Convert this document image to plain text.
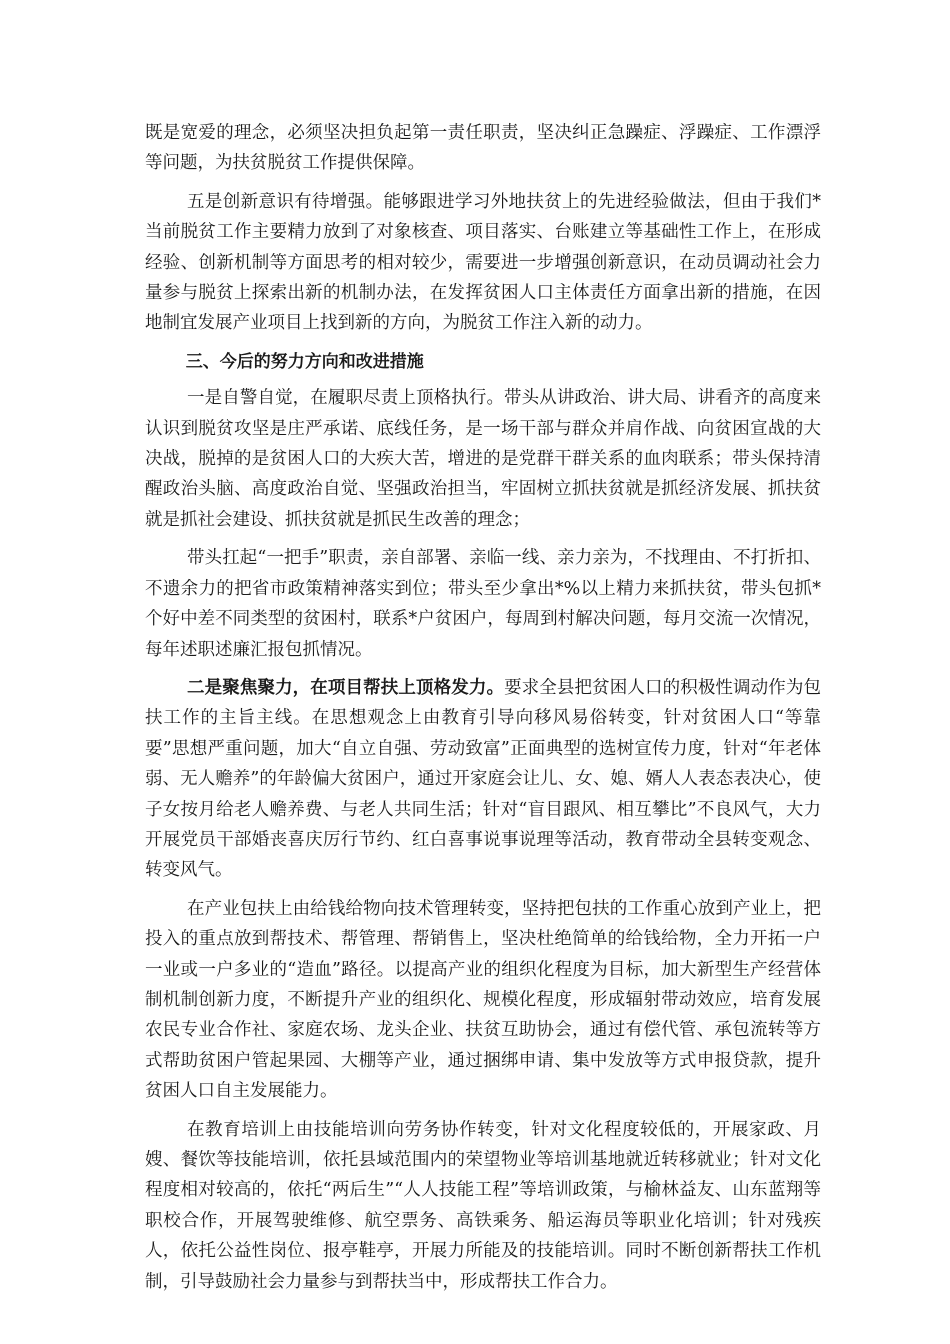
既是宽爱的理念，必须坚决担负起第一责任职责，坚决纠正急躁症、浮躁症、工作漂浮等问题，为扶贫脱贫工作提供保障。

五是创新意识有待增强。能够跟进学习外地扶贫上的先进经验做法，但由于我们*当前脱贫工作主要精力放到了对象核查、项目落实、台账建立等基础性工作上，在形成经验、创新机制等方面思考的相对较少，需要进一步增强创新意识，在动员调动社会力量参与脱贫上探索出新的机制办法，在发挥贫困人口主体责任方面拿出新的措施，在因地制宜发展产业项目上找到新的方向，为脱贫工作注入新的动力。

三、今后的努力方向和改进措施

一是自警自觉，在履职尽责上顶格执行。带头从讲政治、讲大局、讲看齐的高度来认识到脱贫攻坚是庄严承诺、底线任务，是一场干部与群众并肩作战、向贫困宣战的大决战，脱掉的是贫困人口的大疾大苦，增进的是党群干群关系的血肉联系；带头保持清醒政治头脑、高度政治自觉、坚强政治担当，牢固树立抓扶贫就是抓经济发展、抓扶贫就是抓社会建设、抓扶贫就是抓民生改善的理念；

带头扛起“一把手”职责，亲自部署、亲临一线、亲力亲为，不找理由、不打折扣、不遗余力的把省市政策精神落实到位；带头至少拿出*%以上精力来抓扶贫，带头包抓*个好中差不同类型的贫困村，联系*户贫困户，每周到村解决问题，每月交流一次情况，每年述职述廉汇报包抓情况。

二是聚焦聚力，在项目帮扶上顶格发力。要求全县把贫困人口的积极性调动作为包扶工作的主旨主线。在思想观念上由教育引导向移风易俗转变，针对贫困人口“等靠要”思想严重问题，加大“自立自强、劳动致富”正面典型的选树宣传力度，针对“年老体弱、无人赡养”的年龄偏大贫困户，通过开家庭会让儿、女、媳、婿人人表态表决心，使子女按月给老人赡养费、与老人共同生活；针对“盲目跟风、相互攀比”不良风气，大力开展党员干部婚丧喜庆厉行节约、红白喜事说事说理等活动，教育带动全县转变观念、转变风气。

在产业包扶上由给钱给物向技术管理转变，坚持把包扶的工作重心放到产业上，把投入的重点放到帮技术、帮管理、帮销售上，坚决杜绝简单的给钱给物，全力开拓一户一业或一户多业的“造血”路径。以提高产业的组织化程度为目标，加大新型生产经营体制机制创新力度，不断提升产业的组织化、规模化程度，形成辐射带动效应，培育发展农民专业合作社、家庭农场、龙头企业、扶贫互助协会，通过有偿代管、承包流转等方式帮助贫困户管起果园、大棚等产业，通过捆绑申请、集中发放等方式申报贷款，提升贫困人口自主发展能力。

在教育培训上由技能培训向劳务协作转变，针对文化程度较低的，开展家政、月嫂、餐饮等技能培训，依托县域范围内的荣望物业等培训基地就近转移就业；针对文化程度相对较高的，依托“两后生”“人人技能工程”等培训政策，与榆林益友、山东蓝翔等职校合作，开展驾驶维修、航空票务、高铁乘务、船运海员等职业化培训；针对残疾人，依托公益性岗位、报亭鞋亭，开展力所能及的技能培训。同时不断创新帮扶工作机制，引导鼓励社会力量参与到帮扶当中，形成帮扶工作合力。
